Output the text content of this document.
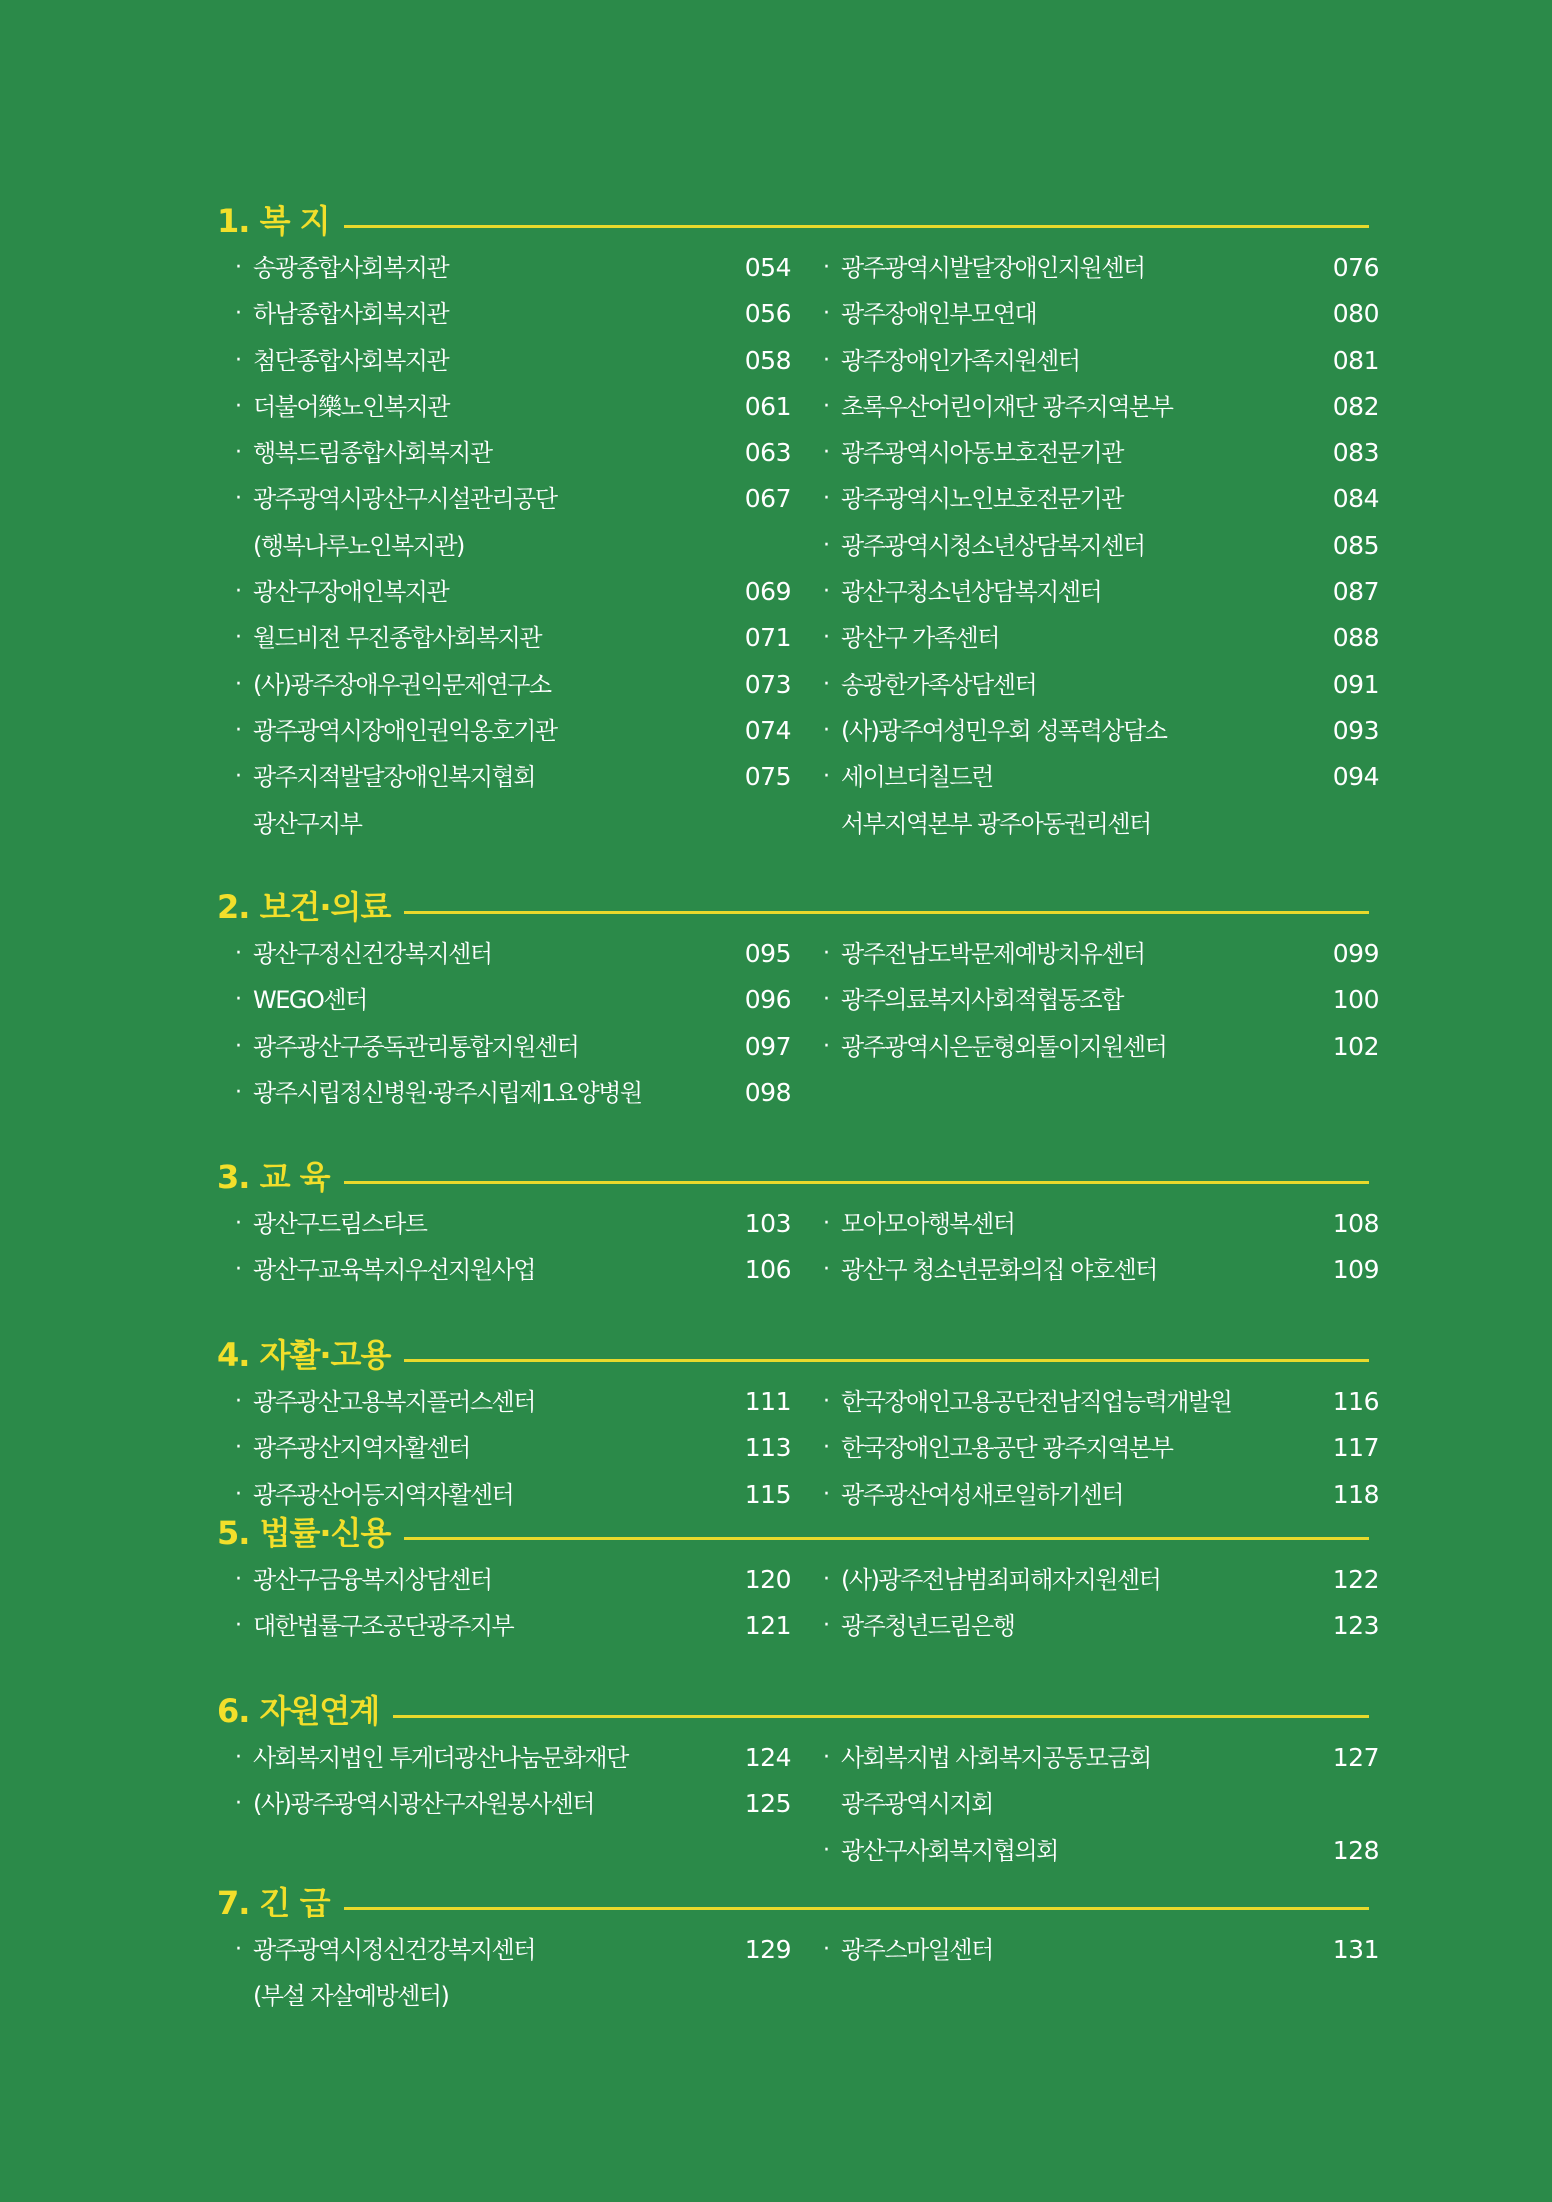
1. 복 지
· 송광종합사회복지관	054
· 하남종합사회복지관	056
· 첨단종합사회복지관	058
· 더불어樂노인복지관	061
· 행복드림종합사회복지관	063
· 광주광역시광산구시설관리공단	067
(행복나루노인복지관)
· 광산구장애인복지관	069
· 월드비전 무진종합사회복지관	071
· (사)광주장애우권익문제연구소	073
· 광주광역시장애인권익옹호기관	074
· 광주지적발달장애인복지협회	075
광산구지부
· 광주광역시발달장애인지원센터	076
· 광주장애인부모연대	080
· 광주장애인가족지원센터	081
· 초록우산어린이재단 광주지역본부	082
· 광주광역시아동보호전문기관	083
· 광주광역시노인보호전문기관	084
· 광주광역시청소년상담복지센터	085
· 광산구청소년상담복지센터	087
· 광산구 가족센터	088
· 송광한가족상담센터	091
· (사)광주여성민우회 성폭력상담소	093
· 세이브더칠드런	094
서부지역본부 광주아동권리센터
2. 보건·의료
· 광산구정신건강복지센터	095
· WEGO센터	096
· 광주광산구중독관리통합지원센터	097
· 광주시립정신병원·광주시립제1요양병원	098
· 광주전남도박문제예방치유센터	099
· 광주의료복지사회적협동조합	100
· 광주광역시은둔형외톨이지원센터	102
3. 교 육
· 광산구드림스타트	103
· 광산구교육복지우선지원사업	106
· 모아모아행복센터	108
· 광산구 청소년문화의집 야호센터	109
4. 자활·고용
· 광주광산고용복지플러스센터	111
· 광주광산지역자활센터	113
· 광주광산어등지역자활센터	115
· 한국장애인고용공단전남직업능력개발원	116
· 한국장애인고용공단 광주지역본부	117
· 광주광산여성새로일하기센터	118
5. 법률·신용
· 광산구금융복지상담센터	120
· 대한법률구조공단광주지부	121
· (사)광주전남범죄피해자지원센터	122
· 광주청년드림은행	123
6. 자원연계
· 사회복지법인 투게더광산나눔문화재단	124
· (사)광주광역시광산구자원봉사센터	125
· 사회복지법 사회복지공동모금회	127
광주광역시지회
· 광산구사회복지협의회	128
7. 긴 급
· 광주광역시정신건강복지센터	129
(부설 자살예방센터)
· 광주스마일센터	131
